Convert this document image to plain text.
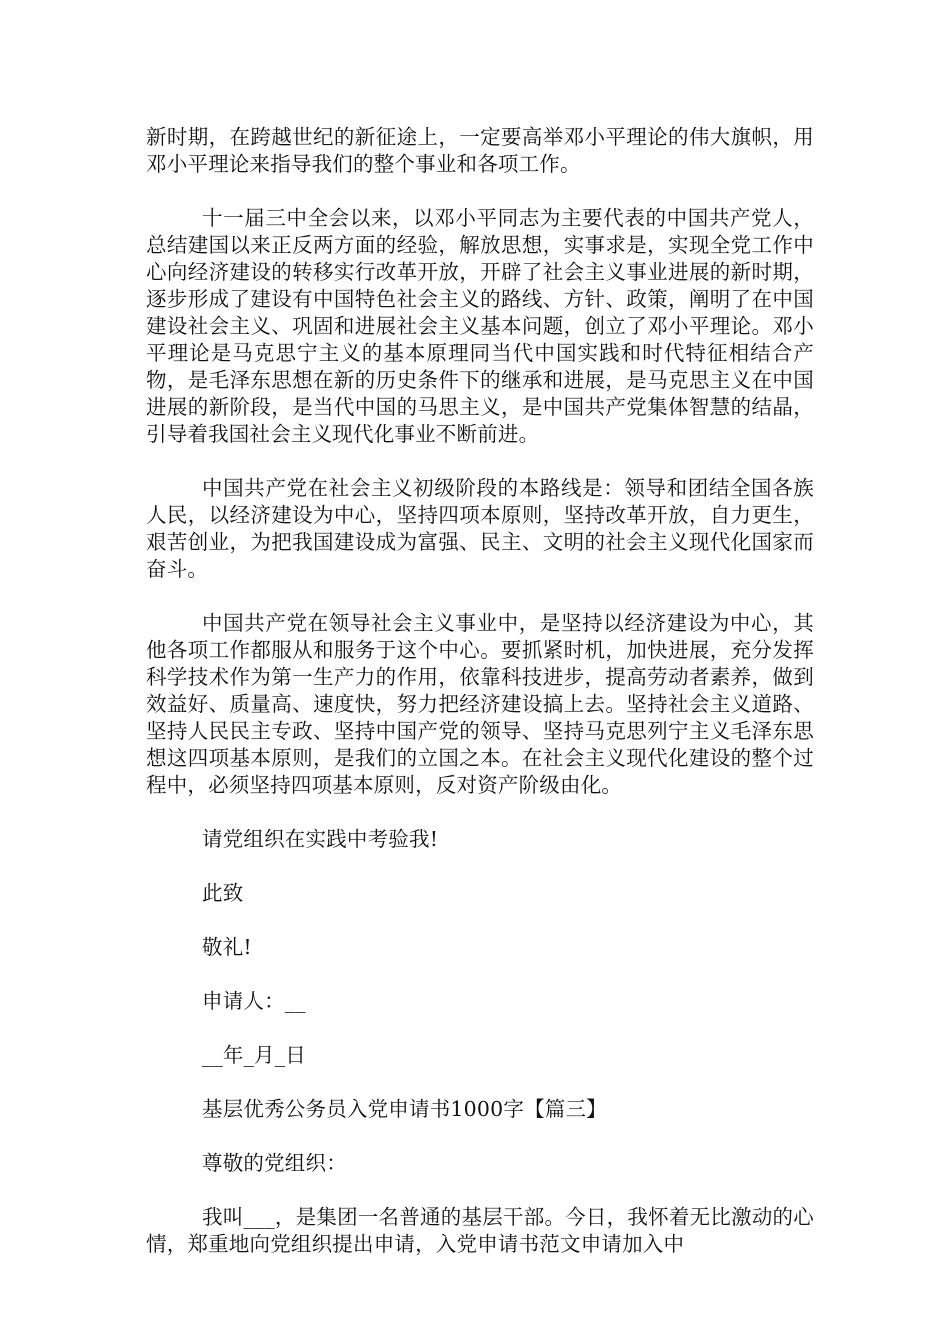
新时期，在跨越世纪的新征途上，一定要高举邓小平理论的伟大旗帜，用邓小平理论来指导我们的整个事业和各项工作。

十一届三中全会以来，以邓小平同志为主要代表的中国共产党人，总结建国以来正反两方面的经验，解放思想，实事求是，实现全党工作中心向经济建设的转移实行改革开放，开辟了社会主义事业进展的新时期，逐步形成了建设有中国特色社会主义的路线、方针、政策，阐明了在中国建设社会主义、巩固和进展社会主义基本问题，创立了邓小平理论。邓小平理论是马克思宁主义的基本原理同当代中国实践和时代特征相结合产物，是毛泽东思想在新的历史条件下的继承和进展，是马克思主义在中国进展的新阶段，是当代中国的马思主义，是中国共产党集体智慧的结晶，引导着我国社会主义现代化事业不断前进。

中国共产党在社会主义初级阶段的本路线是：领导和团结全国各族人民，以经济建设为中心，坚持四项本原则，坚持改革开放，自力更生，艰苦创业，为把我国建设成为富强、民主、文明的社会主义现代化国家而奋斗。

中国共产党在领导社会主义事业中，是坚持以经济建设为中心，其他各项工作都服从和服务于这个中心。要抓紧时机，加快进展，充分发挥科学技术作为第一生产力的作用，依靠科技进步，提高劳动者素养，做到效益好、质量高、速度快，努力把经济建设搞上去。坚持社会主义道路、坚持人民民主专政、坚持中国产党的领导、坚持马克思列宁主义毛泽东思想这四项基本原则，是我们的立国之本。在社会主义现代化建设的整个过程中，必须坚持四项基本原则，反对资产阶级由化。

请党组织在实践中考验我!

此致

敬礼!

申请人：__

__年_月_日

基层优秀公务员入党申请书1000字【篇三】

尊敬的党组织：

我叫___，是集团一名普通的基层干部。今日，我怀着无比激动的心情，郑重地向党组织提出申请，入党申请书范文申请加入中
